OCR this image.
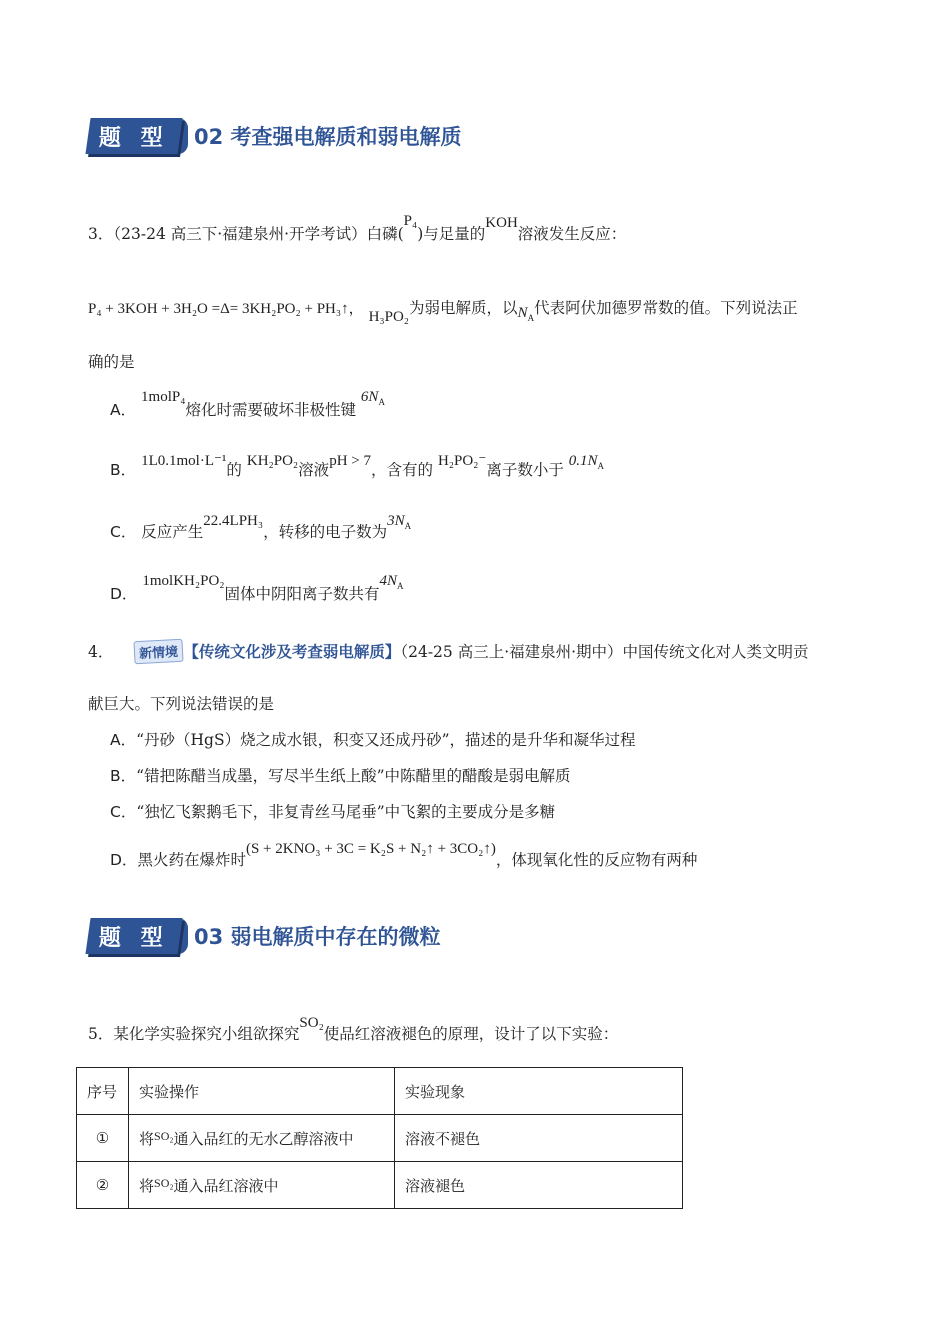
题 型 02 考查强电解质和弱电解质
3．（23-24 高三下·福建泉州·开学考试）白磷(P₄)与足量的KOH溶液发生反应：
P₄ + 3KOH + 3H₂O =Δ= 3KH₂PO₂ + PH₃↑， H₃PO₂为弱电解质，以$N_A$代表阿伏加德罗常数的值。下列说法正
确的是
A． 1molP₄熔化时需要破坏非极性键 $6N_A$
B． 1L0.1mol·L⁻¹的 KH₂PO₂溶液pH > 7，含有的 H₂PO₂⁻离子数小于 $0.1N_A$
C． 反应产生22.4LPH₃，转移的电子数为$3N_A$
D． 1molKH₂PO₂固体中阴阳离子数共有$4N_A$
4． 新情境 【传统文化涉及考查弱电解质】（24-25 高三上·福建泉州·期中）中国传统文化对人类文明贡
献巨大。下列说法错误的是
A．“丹砂（HgS）烧之成水银，积变又还成丹砂”，描述的是升华和凝华过程
B．“错把陈醋当成墨，写尽半生纸上酸”中陈醋里的醋酸是弱电解质
C．“独忆飞絮鹅毛下，非复青丝马尾垂”中飞絮的主要成分是多糖
D．黑火药在爆炸时(S + 2KNO₃ + 3C = K₂S + N₂↑ + 3CO₂↑)，体现氧化性的反应物有两种
题 型 03 弱电解质中存在的微粒
5．某化学实验探究小组欲探究SO₂使品红溶液褪色的原理，设计了以下实验：
序号	实验操作	实验现象
①	将$^{SO_2}$通入品红的无水乙醇溶液中	溶液不褪色
②	将$^{SO_2}$通入品红溶液中	溶液褪色
